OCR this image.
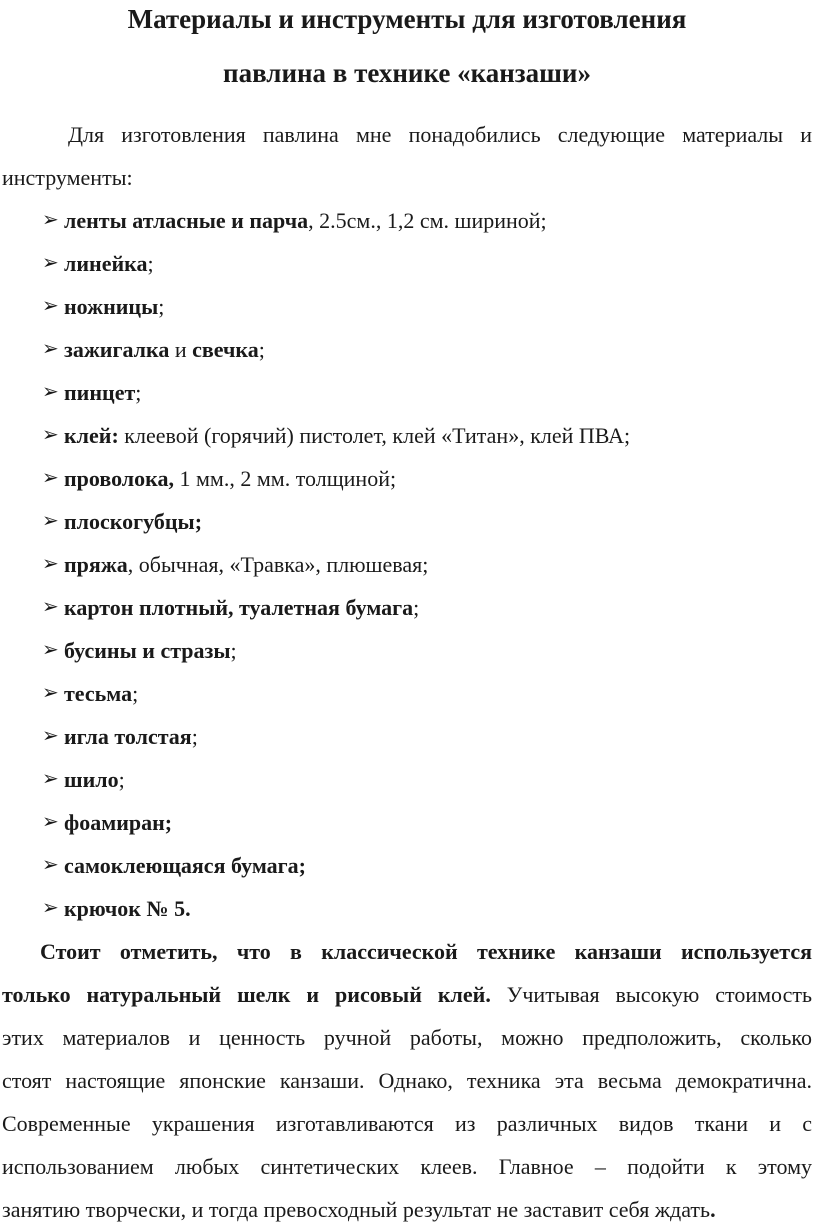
Материалы и инструменты для изготовления
павлина в технике «канзаши»
Для изготовления павлина мне понадобились следующие материалы и
инструменты:
➢ ленты атласные и парча, 2.5см., 1,2 см. шириной;
➢ линейка;
➢ ножницы;
➢ зажигалка и свечка;
➢ пинцет;
➢ клей: клеевой (горячий) пистолет, клей «Титан», клей ПВА;
➢ проволока, 1 мм., 2 мм. толщиной;
➢ плоскогубцы;
➢ пряжа, обычная, «Травка», плюшевая;
➢ картон плотный, туалетная бумага;
➢ бусины и стразы;
➢ тесьма;
➢ игла толстая;
➢ шило;
➢ фоамиран;
➢ самоклеющаяся бумага;
➢ крючок № 5.
Стоит отметить, что в классической технике канзаши используется
только натуральный шелк и рисовый клей. Учитывая высокую стоимость
этих материалов и ценность ручной работы, можно предположить, сколько
стоят настоящие японские канзаши. Однако, техника эта весьма демократична.
Современные украшения изготавливаются из различных видов ткани и с
использованием любых синтетических клеев. Главное – подойти к этому
занятию творчески, и тогда превосходный результат не заставит себя ждать.
